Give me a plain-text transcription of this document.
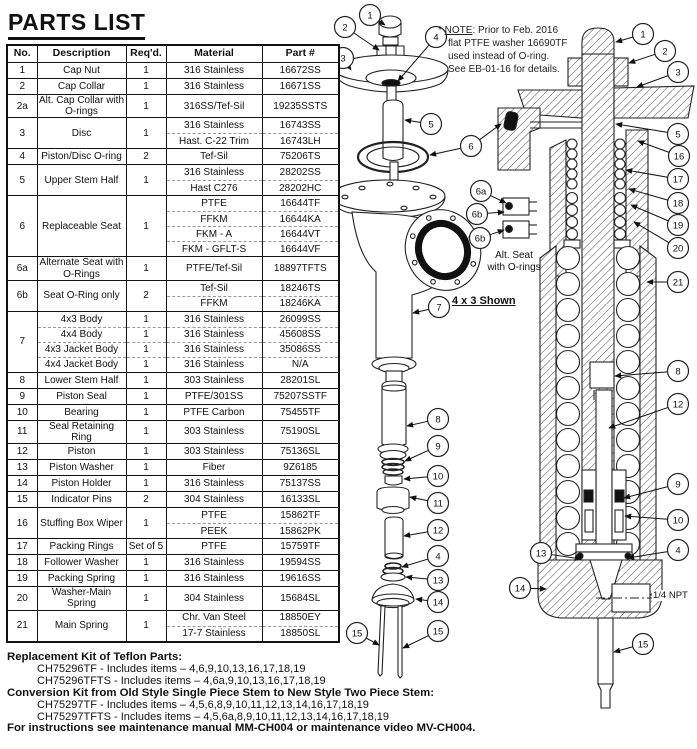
PARTS LIST
No.	Description	Req'd.	Material	Part #
1	Cap Nut	1	316 Stainless	16672SS
2	Cap Collar	1	316 Stainless	16671SS
2a	Alt. Cap Collar with O-rings	1	316SS/Tef-Sil	19235SSTS
3	Disc	1	316 Stainless	16743SS
			Hast. C-22 Trim	16743LH
4	Piston/Disc O-ring	2	Tef-Sil	75206TS
5	Upper Stem Half	1	316 Stainless	28202SS
			Hast C276	28202HC
6	Replaceable Seat	1	PTFE	16644TF
			FFKM	16644KA
			FKM - A	16644VT
			FKM - GFLT-S	16644VF
6a	Alternate Seat with O-Rings	1	PTFE/Tef-Sil	18897TFTS
6b	Seat O-Ring only	2	Tef-Sil	18246TS
			FFKM	18246KA
7	4x3 Body	1	316 Stainless	26099SS
	4x4 Body	1	316 Stainless	45608SS
	4x3 Jacket Body	1	316 Stainless	35086SS
	4x4 Jacket Body	1	316 Stainless	N/A
8	Lower Stem Half	1	303 Stainless	28201SL
9	Piston Seal	1	PTFE/301SS	75207SSTF
10	Bearing	1	PTFE Carbon	75455TF
11	Seal Retaining Ring	1	303 Stainless	75190SL
12	Piston	1	303 Stainless	75136SL
13	Piston Washer	1	Fiber	9Z6185
14	Piston Holder	1	316 Stainless	75137SS
15	Indicator Pins	2	304 Stainless	16133SL
16	Stuffing Box Wiper	1	PTFE	15862TF
			PEEK	15862PK
17	Packing Rings	Set of 5	PTFE	15759TF
18	Follower Washer	1	316 Stainless	19594SS
19	Packing Spring	1	316 Stainless	19616SS
20	Washer-Main Spring	1	304 Stainless	15684SL
21	Main Spring	1	Chr. Van Steel	18850EY
			17-7 Stainless	18850SL
1
2
3
4
5
6
6a
6b
6b
7
8
9
10
11
12
4
13
14
15	15
1
2
3
5
16
17
18
19
20
21
8
12
9
10
4
13
14
15
* NOTE: Prior to Feb. 2016
flat PTFE washer 16690TF
used instead of O-ring.
See EB-01-16 for details.
4 x 3 Shown
Alt. Seat
with O-rings
1/4 NPT

Replacement Kit of Teflon Parts:

CH75296TF - Includes items – 4,6,9,10,13,16,17,18,19

CH75296TFTS - Includes items – 4,6a,9,10,13,16,17,18,19

Conversion Kit from Old Style Single Piece Stem to New Style Two Piece Stem:

CH75297TF - Includes items – 4,5,6,8,9,10,11,12,13,14,16,17,18,19

CH75297TFTS - Includes items – 4,5,6a,8,9,10,11,12,13,14,16,17,18,19

For instructions see maintenance manual MM-CH004 or maintenance video MV-CH004.
